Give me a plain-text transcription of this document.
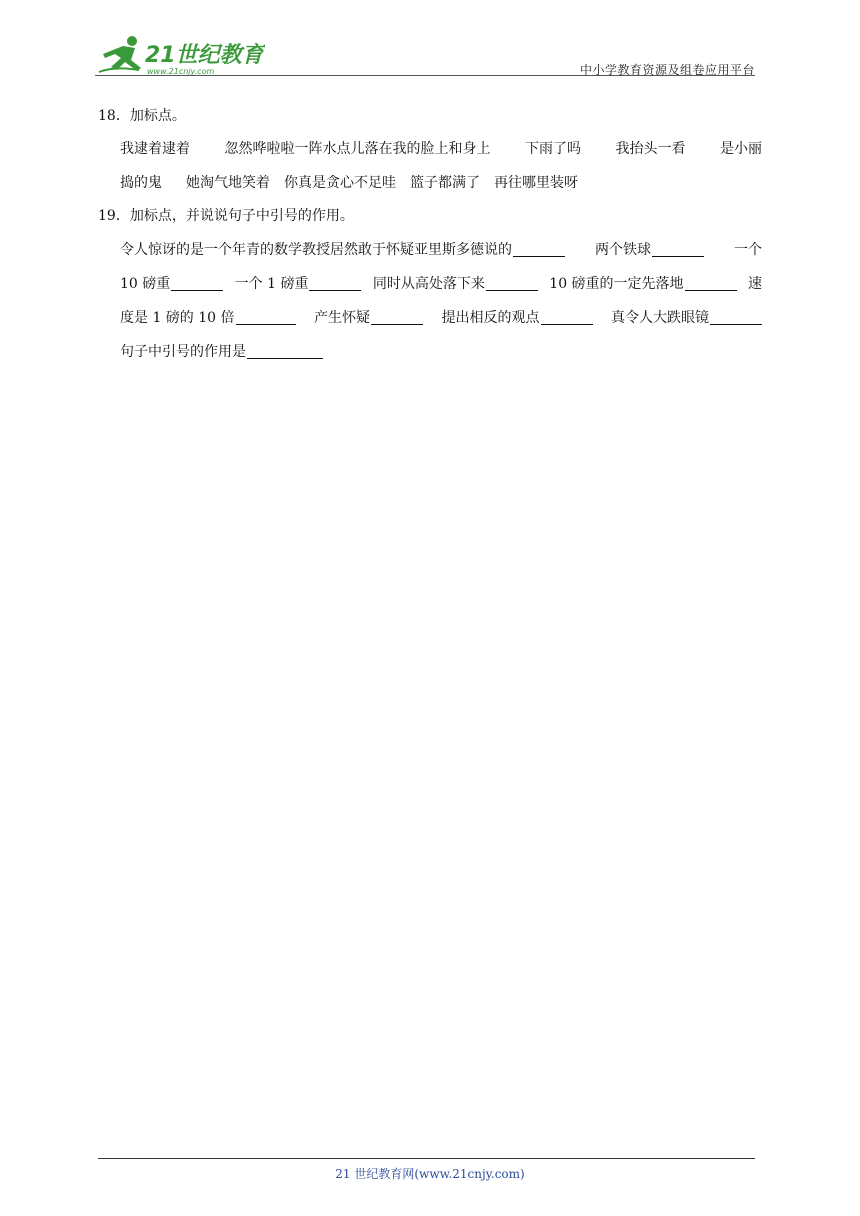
21世纪教育
www.21cnjy.com	中小学教育资源及组卷应用平台
18．加标点。
我逮着逮着 忽然哗啦啦一阵水点儿落在我的脸上和身上 下雨了吗 我抬头一看 是小丽
捣的鬼 她淘气地笑着 你真是贪心不足哇 篮子都满了 再往哪里装呀
19．加标点，并说说句子中引号的作用。
令人惊讶的是一个年青的数学教授居然敢于怀疑亚里斯多德说的	两个铁球	一个
10 磅重	一个 1 磅重	同时从高处落下来	10 磅重的一定先落地	速
度是 1 磅的 10 倍	产生怀疑	提出相反的观点	真令人大跌眼镜
句子中引号的作用是
21 世纪教育网(www.21cnjy.com)
